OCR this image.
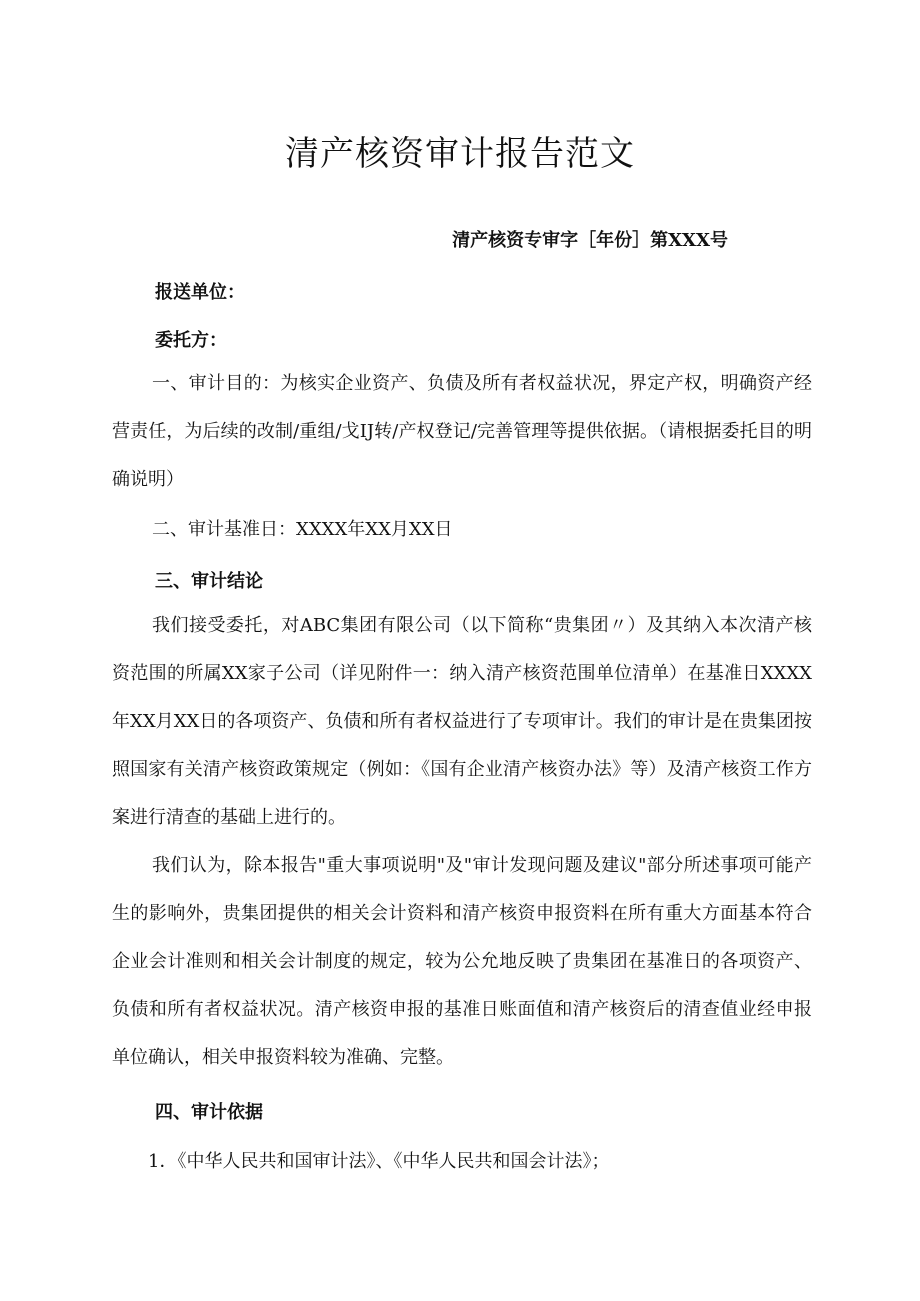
清产核资审计报告范文
清产核资专审字［年份］第XXX号
报送单位：
委托方：

一、审计目的：为核实企业资产、负债及所有者权益状况，界定产权，明确资产经营责任，为后续的改制/重组/戈IJ转/产权登记/完善管理等提供依据。（请根据委托目的明确说明）

二、审计基准日：XXXX年XX月XX日

三、审计结论

我们接受委托，对ABC集团有限公司（以下简称“贵集团〃）及其纳入本次清产核资范围的所属XX家子公司（详见附件一：纳入清产核资范围单位清单）在基准日XXXX年XX月XX日的各项资产、负债和所有者权益进行了专项审计。我们的审计是在贵集团按照国家有关清产核资政策规定（例如：《国有企业清产核资办法》等）及清产核资工作方案进行清查的基础上进行的。

我们认为，除本报告"重大事项说明"及"审计发现问题及建议"部分所述事项可能产生的影响外，贵集团提供的相关会计资料和清产核资申报资料在所有重大方面基本符合企业会计准则和相关会计制度的规定，较为公允地反映了贵集团在基准日的各项资产、负债和所有者权益状况。清产核资申报的基准日账面值和清产核资后的清查值业经申报单位确认，相关申报资料较为准确、完整。

四、审计依据

1．《中华人民共和国审计法》、《中华人民共和国会计法》；
